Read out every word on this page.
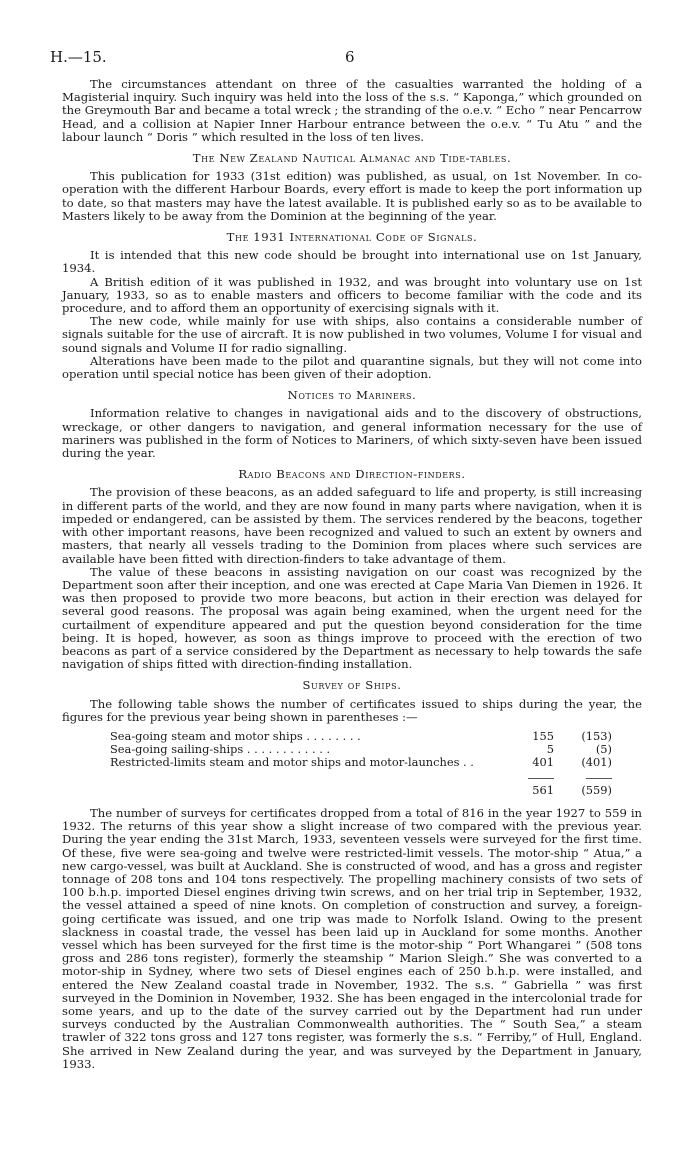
H.—15.	6

The circumstances attendant on three of the casualties warranted the holding of a Magisterial inquiry. Such inquiry was held into the loss of the s.s. “ Kaponga,” which grounded on the Greymouth Bar and became a total wreck ; the stranding of the o.e.v. “ Echo ” near Pencarrow Head, and a collision at Napier Inner Harbour entrance between the o.e.v. “ Tu Atu ” and the labour launch “ Doris ” which resulted in the loss of ten lives.

The New Zealand Nautical Almanac and Tide-tables.

This publication for 1933 (31st edition) was published, as usual, on 1st November. In co-operation with the different Harbour Boards, every effort is made to keep the port information up to date, so that masters may have the latest available. It is published early so as to be available to Masters likely to be away from the Dominion at the beginning of the year.

The 1931 International Code of Signals.

It is intended that this new code should be brought into international use on 1st January, 1934.

A British edition of it was published in 1932, and was brought into voluntary use on 1st January, 1933, so as to enable masters and officers to become familiar with the code and its procedure, and to afford them an opportunity of exercising signals with it.

The new code, while mainly for use with ships, also contains a considerable number of signals suitable for the use of aircraft. It is now published in two volumes, Volume I for visual and sound signals and Volume II for radio signalling.

Alterations have been made to the pilot and quarantine signals, but they will not come into operation until special notice has been given of their adoption.

Notices to Mariners.

Information relative to changes in navigational aids and to the discovery of obstructions, wreckage, or other dangers to navigation, and general information necessary for the use of mariners was published in the form of Notices to Mariners, of which sixty-seven have been issued during the year.

Radio Beacons and Direction-finders.

The provision of these beacons, as an added safeguard to life and property, is still increasing in different parts of the world, and they are now found in many parts where navigation, when it is impeded or endangered, can be assisted by them. The services rendered by the beacons, together with other important reasons, have been recognized and valued to such an extent by owners and masters, that nearly all vessels trading to the Dominion from places where such services are available have been fitted with direction-finders to take advantage of them.

The value of these beacons in assisting navigation on our coast was recognized by the Department soon after their inception, and one was erected at Cape Maria Van Diemen in 1926. It was then proposed to provide two more beacons, but action in their erection was delayed for several good reasons. The proposal was again being examined, when the urgent need for the curtailment of expenditure appeared and put the question beyond consideration for the time being. It is hoped, however, as soon as things improve to proceed with the erection of two beacons as part of a service considered by the Department as necessary to help towards the safe navigation of ships fitted with direction-finding installation.

Survey of Ships.

The following table shows the number of certificates issued to ships during the year, the figures for the previous year being shown in parentheses :—

Sea-going steam and motor ships . . . . . . . .	155	(153)
Sea-going sailing-ships . . . . . . . . . . . .	5	(5)
Restricted-limits steam and motor ships and motor-launches . .	401	(401)

	561	(559)

The number of surveys for certificates dropped from a total of 816 in the year 1927 to 559 in 1932. The returns of this year show a slight increase of two compared with the previous year. During the year ending the 31st March, 1933, seventeen vessels were surveyed for the first time. Of these, five were sea-going and twelve were restricted-limit vessels. The motor-ship “ Atua,” a new cargo-vessel, was built at Auckland. She is constructed of wood, and has a gross and register tonnage of 208 tons and 104 tons respectively. The propelling machinery consists of two sets of 100 b.h.p. imported Diesel engines driving twin screws, and on her trial trip in September, 1932, the vessel attained a speed of nine knots. On completion of construction and survey, a foreign-going certificate was issued, and one trip was made to Norfolk Island. Owing to the present slackness in coastal trade, the vessel has been laid up in Auckland for some months. Another vessel which has been surveyed for the first time is the motor-ship “ Port Whangarei ” (508 tons gross and 286 tons register), formerly the steamship “ Marion Sleigh.” She was converted to a motor-ship in Sydney, where two sets of Diesel engines each of 250 b.h.p. were installed, and entered the New Zealand coastal trade in November, 1932. The s.s. “ Gabriella ” was first surveyed in the Dominion in November, 1932. She has been engaged in the intercolonial trade for some years, and up to the date of the survey carried out by the Department had run under surveys conducted by the Australian Commonwealth authorities. The “ South Sea,” a steam trawler of 322 tons gross and 127 tons register, was formerly the s.s. “ Ferriby,” of Hull, England. She arrived in New Zealand during the year, and was surveyed by the Department in January, 1933.
